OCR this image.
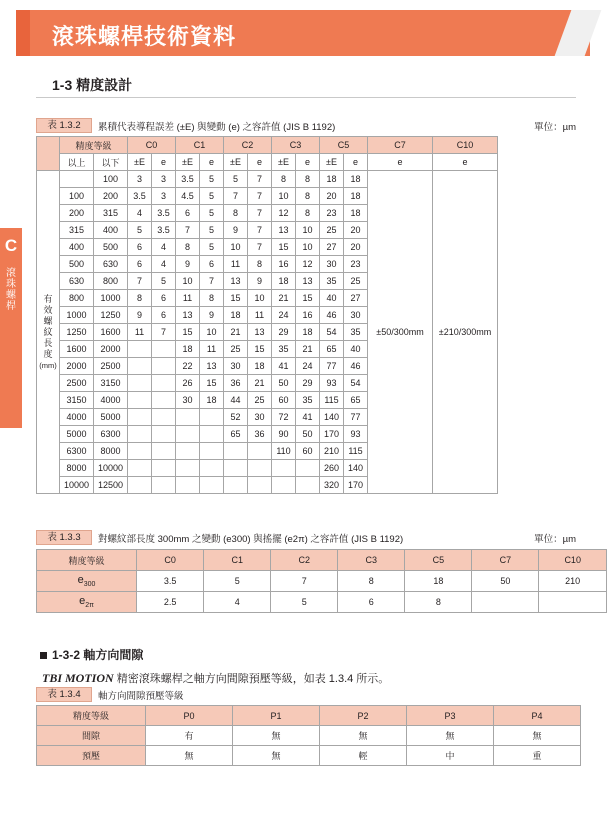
滾珠螺桿技術資料
C
滾珠螺桿
1-3 精度設計
表 1.3.2	累積代表導程誤差 (±E) 與變動 (e) 之容許值 (JIS B 1192)	單位：µm
	精度等級		C0		C1		C2		C3		C5		C7	C10
	以上	以下	±E	e	±E	e	±E	e	±E	e	±E	e	e	e

有
效
螺
紋
長
度
(mm)
		100	3	3	3.5	5	5	7	8	8	18	18	±50/300mm	±210/300mm
	100	200	3.5	3	4.5	5	7	7	10	8	20	18		
	200	315	4	3.5	6	5	8	7	12	8	23	18		
	315	400	5	3.5	7	5	9	7	13	10	25	20		
	400	500	6	4	8	5	10	7	15	10	27	20		
	500	630	6	4	9	6	11	8	16	12	30	23		
	630	800	7	5	10	7	13	9	18	13	35	25		
	800	1000	8	6	11	8	15	10	21	15	40	27		
	1000	1250	9	6	13	9	18	11	24	16	46	30		
	1250	1600	11	7	15	10	21	13	29	18	54	35		
	1600	2000			18	11	25	15	35	21	65	40		
	2000	2500			22	13	30	18	41	24	77	46		
	2500	3150			26	15	36	21	50	29	93	54		
	3150	4000			30	18	44	25	60	35	115	65		
	4000	5000					52	30	72	41	140	77		
	5000	6300					65	36	90	50	170	93		
	6300	8000							110	60	210	115		
	8000	10000									260	140		
	10000	12500									320	170		
表 1.3.3	對螺紋部長度 300mm 之變動 (e300) 與搖擺 (e2π) 之容許值 (JIS B 1192)	單位：µm
精度等級	C0	C1	C2	C3	C5	C7	C10
$e_{300}$	3.5	5	7	8	18	50	210
$e_{2\pi}$	2.5	4	5	6	8		
1-3-2 軸方向間隙
TBI MOTION 精密滾珠螺桿之軸方向間隙預壓等級，如表 1.3.4 所示。
表 1.3.4	軸方向間隙預壓等級
精度等級	P0	P1	P2	P3	P4
間隙	有	無	無	無	無
預壓	無	無	輕	中	重
